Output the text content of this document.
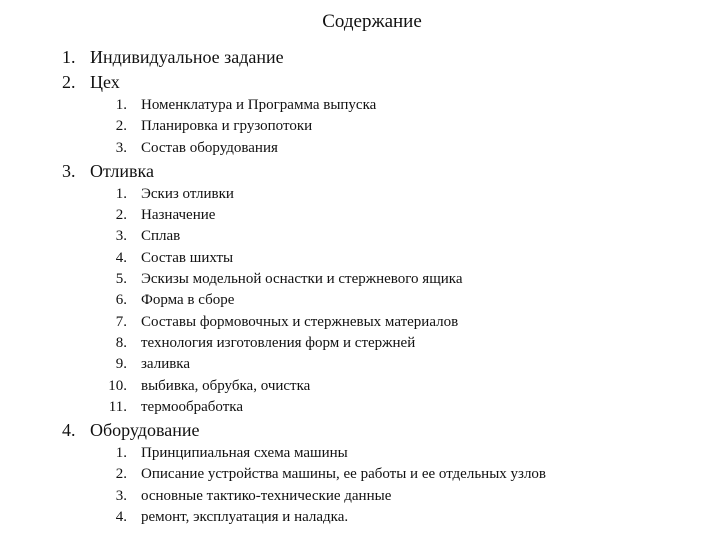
Содержание
1. Индивидуальное задание
2. Цех
1. Номенклатура и Программа выпуска
2. Планировка и грузопотоки
3. Состав оборудования
3. Отливка
1. Эскиз отливки
2. Назначение
3. Сплав
4. Состав шихты
5. Эскизы модельной оснастки и стержневого ящика
6. Форма в сборе
7. Составы формовочных и стержневых материалов
8. технология изготовления форм и стержней
9. заливка
10. выбивка, обрубка, очистка
11. термообработка
4. Оборудование
1. Принципиальная схема машины
2. Описание устройства машины, ее работы и ее отдельных узлов
3. основные тактико-технические данные
4. ремонт, эксплуатация и наладка.
